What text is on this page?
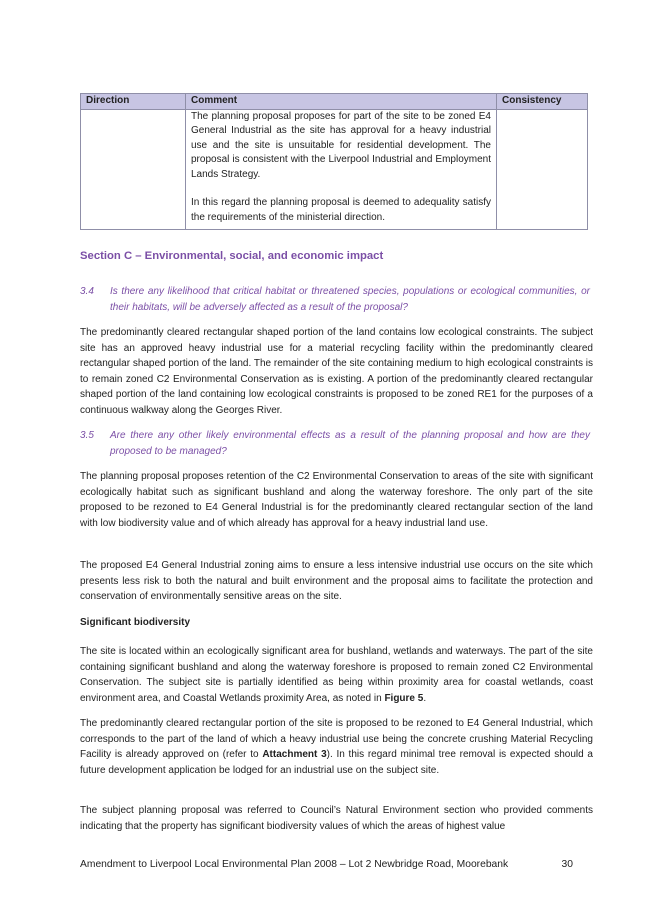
Direction	Comment	Consistency

	The planning proposal proposes for part of the site to be zoned E4 General Industrial as the site has approval for a heavy industrial use and the site is unsuitable for residential development. The proposal is consistent with the Liverpool Industrial and Employment Lands Strategy.

In this regard the planning proposal is deemed to adequality satisfy the requirements of the ministerial direction.	

Section C – Environmental, social, and economic impact
3.4 Is there any likelihood that critical habitat or threatened species, populations or ecological communities, or their habitats, will be adversely affected as a result of the proposal?

The predominantly cleared rectangular shaped portion of the land contains low ecological constraints. The subject site has an approved heavy industrial use for a material recycling facility within the predominantly cleared rectangular shaped portion of the land. The remainder of the site containing medium to high ecological constraints is to remain zoned C2 Environmental Conservation as is existing. A portion of the predominantly cleared rectangular shaped portion of the land containing low ecological constraints is proposed to be zoned RE1 for the purposes of a continuous walkway along the Georges River.

3.5 Are there any other likely environmental effects as a result of the planning proposal and how are they proposed to be managed?

The planning proposal proposes retention of the C2 Environmental Conservation to areas of the site with significant ecologically habitat such as significant bushland and along the waterway foreshore. The only part of the site proposed to be rezoned to E4 General Industrial is for the predominantly cleared rectangular section of the land with low biodiversity value and of which already has approval for a heavy industrial land use.

The proposed E4 General Industrial zoning aims to ensure a less intensive industrial use occurs on the site which presents less risk to both the natural and built environment and the proposal aims to facilitate the protection and conservation of environmentally sensitive areas on the site.

Significant biodiversity

The site is located within an ecologically significant area for bushland, wetlands and waterways. The part of the site containing significant bushland and along the waterway foreshore is proposed to remain zoned C2 Environmental Conservation. The subject site is partially identified as being within proximity area for coastal wetlands, coast environment area, and Coastal Wetlands proximity Area, as noted in Figure 5.

The predominantly cleared rectangular portion of the site is proposed to be rezoned to E4 General Industrial, which corresponds to the part of the land of which a heavy industrial use being the concrete crushing Material Recycling Facility is already approved on (refer to Attachment 3). In this regard minimal tree removal is expected should a future development application be lodged for an industrial use on the subject site.

The subject planning proposal was referred to Council’s Natural Environment section who provided comments indicating that the property has significant biodiversity values of which the areas of highest value

Amendment to Liverpool Local Environmental Plan 2008 – Lot 2 Newbridge Road, Moorebank	30
